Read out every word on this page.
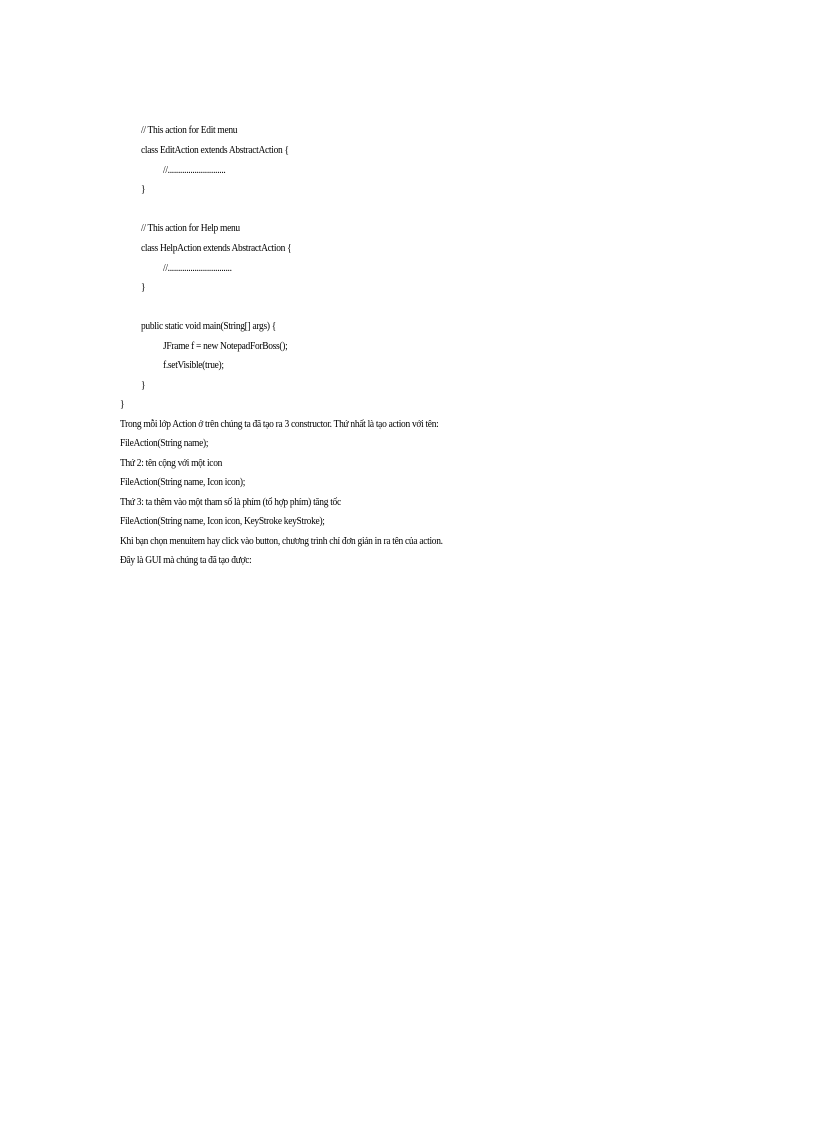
// This action for Edit menu
class EditAction extends AbstractAction {
//............................
}
// This action for Help menu
class HelpAction extends AbstractAction {
//...............................
}
public static void main(String[] args) {
JFrame f = new NotepadForBoss();
f.setVisible(true);
}
}
Trong mỗi lớp Action ở trên chúng ta đã tạo ra 3 constructor. Thứ nhất là tạo action với tên:
FileAction(String name);
Thứ 2: tên cộng với một icon
FileAction(String name, Icon icon);
Thứ 3: ta thêm vào một tham số là phím (tổ hợp phím) tăng tốc
FileAction(String name, Icon icon, KeyStroke keyStroke);
Khi bạn chọn menuitem hay click vào button, chương trình chỉ đơn giản in ra tên của action.
Đây là GUI mà chúng ta đã tạo được:
